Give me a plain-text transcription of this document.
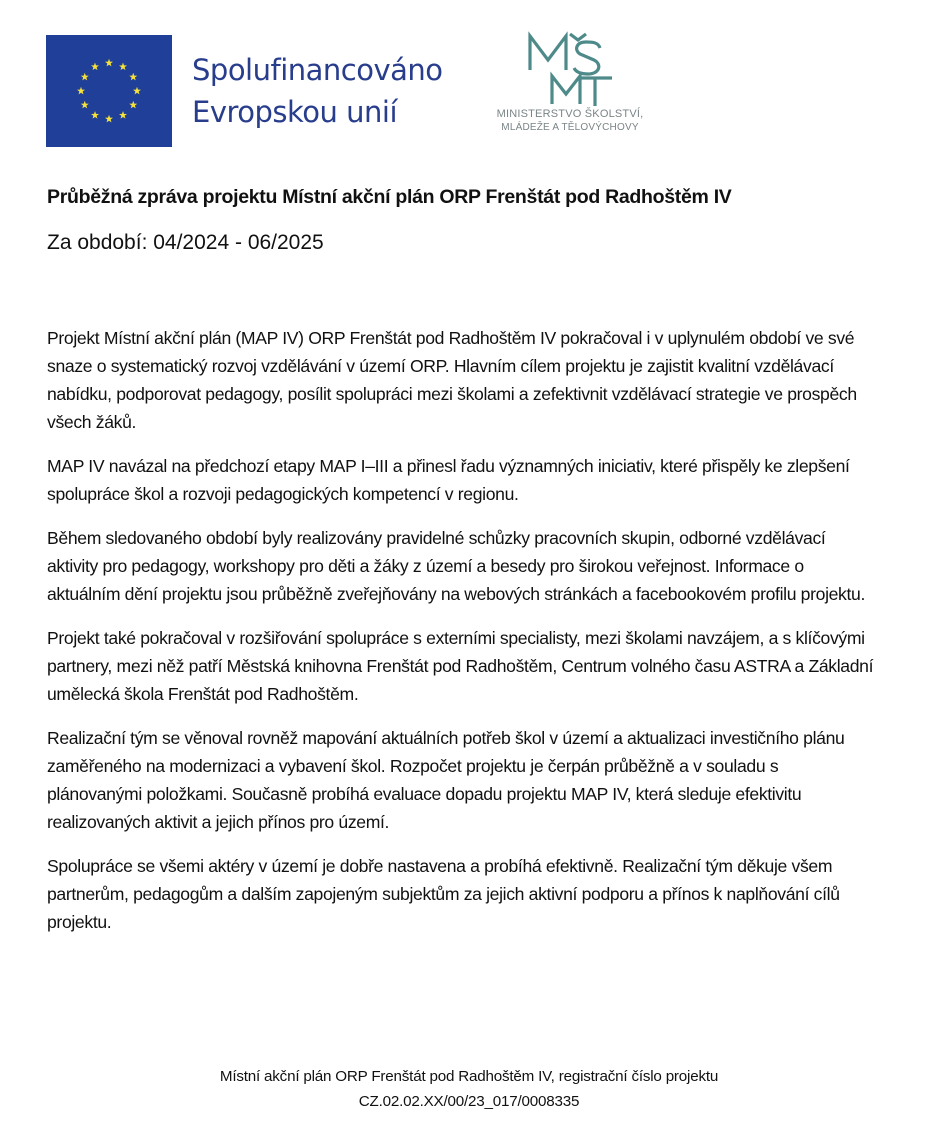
Spolufinancováno
Evropskou unií	MINISTERSTVO ŠKOLSTVÍ,
MLÁDEŽE A TĚLOVÝCHOVY
Průběžná zpráva projektu Místní akční plán ORP Frenštát pod Radhoštěm IV

Za období: 04/2024 - 06/2025

Projekt Místní akční plán (MAP IV) ORP Frenštát pod Radhoštěm IV pokračoval i v uplynulém období ve své snaze o systematický rozvoj vzdělávání v území ORP. Hlavním cílem projektu je zajistit kvalitní vzdělávací nabídku, podporovat pedagogy, posílit spolupráci mezi školami a zefektivnit vzdělávací strategie ve prospěch všech žáků.

MAP IV navázal na předchozí etapy MAP I–III a přinesl řadu významných iniciativ, které přispěly ke zlepšení spolupráce škol a rozvoji pedagogických kompetencí v regionu.

Během sledovaného období byly realizovány pravidelné schůzky pracovních skupin, odborné vzdělávací aktivity pro pedagogy, workshopy pro děti a žáky z území a besedy pro širokou veřejnost. Informace o aktuálním dění projektu jsou průběžně zveřejňovány na webových stránkách a facebookovém profilu projektu.

Projekt také pokračoval v rozšiřování spolupráce s externími specialisty, mezi školami navzájem, a s klíčovými partnery, mezi něž patří Městská knihovna Frenštát pod Radhoštěm, Centrum volného času ASTRA a Základní umělecká škola Frenštát pod Radhoštěm.

Realizační tým se věnoval rovněž mapování aktuálních potřeb škol v území a aktualizaci investičního plánu zaměřeného na modernizaci a vybavení škol. Rozpočet projektu je čerpán průběžně a v souladu s plánovanými položkami. Současně probíhá evaluace dopadu projektu MAP IV, která sleduje efektivitu realizovaných aktivit a jejich přínos pro území.

Spolupráce se všemi aktéry v území je dobře nastavena a probíhá efektivně. Realizační tým děkuje všem partnerům, pedagogům a dalším zapojeným subjektům za jejich aktivní podporu a přínos k naplňování cílů projektu.

Místní akční plán ORP Frenštát pod Radhoštěm IV, registrační číslo projektu
CZ.02.02.XX/00/23_017/0008335
